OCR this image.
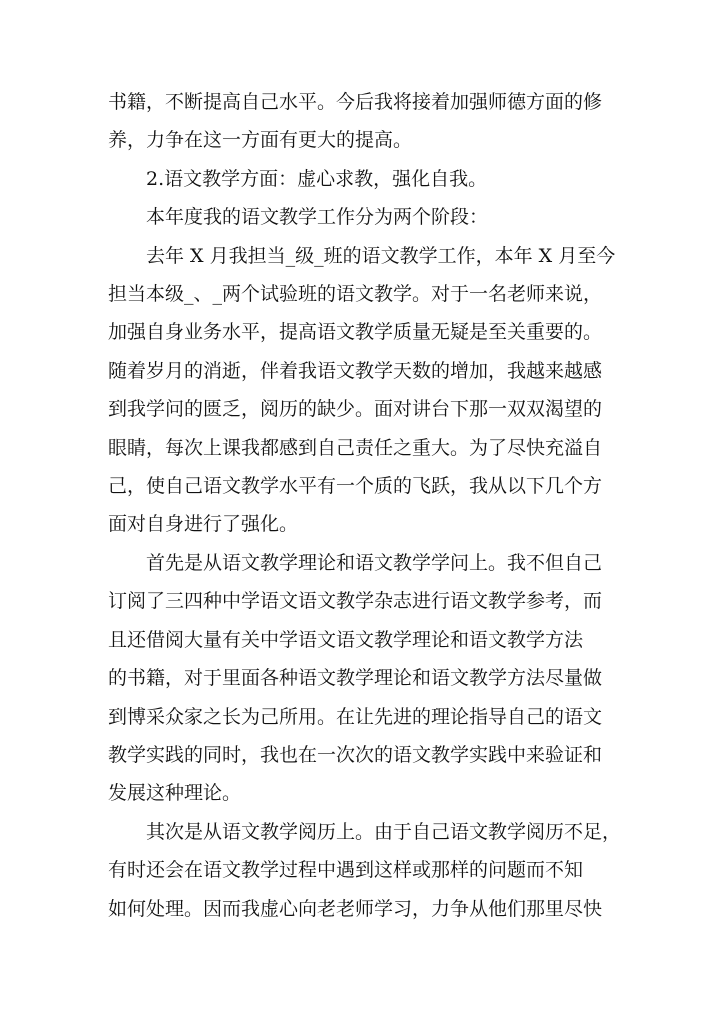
书籍，不断提高自己水平。今后我将接着加强师德方面的修

养，力争在这一方面有更大的提高。

2.语文教学方面：虚心求教，强化自我。

本年度我的语文教学工作分为两个阶段：

去年 X 月我担当_级_班的语文教学工作，本年 X 月至今

担当本级_、_两个试验班的语文教学。对于一名老师来说，

加强自身业务水平，提高语文教学质量无疑是至关重要的。

随着岁月的消逝，伴着我语文教学天数的增加，我越来越感

到我学问的匮乏，阅历的缺少。面对讲台下那一双双渴望的

眼睛，每次上课我都感到自己责任之重大。为了尽快充溢自

己，使自己语文教学水平有一个质的飞跃，我从以下几个方

面对自身进行了强化。

首先是从语文教学理论和语文教学学问上。我不但自己

订阅了三四种中学语文语文教学杂志进行语文教学参考，而

且还借阅大量有关中学语文语文教学理论和语文教学方法

的书籍，对于里面各种语文教学理论和语文教学方法尽量做

到博采众家之长为己所用。在让先进的理论指导自己的语文

教学实践的同时，我也在一次次的语文教学实践中来验证和

发展这种理论。

其次是从语文教学阅历上。由于自己语文教学阅历不足，

有时还会在语文教学过程中遇到这样或那样的问题而不知

如何处理。因而我虚心向老老师学习，力争从他们那里尽快
